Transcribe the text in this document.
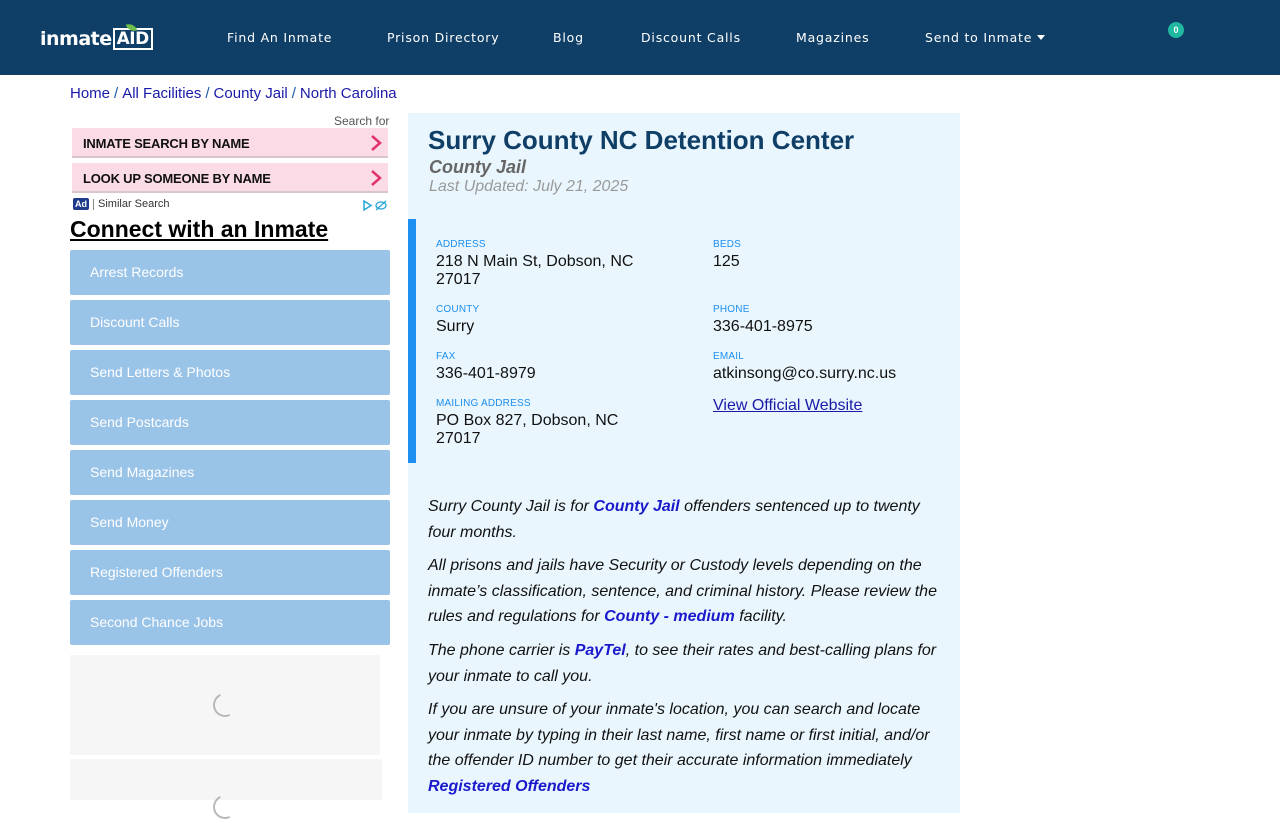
inmate AID	Find An Inmate	Prison Directory	Blog	Discount Calls	Magazines	Send to Inmate	0
Home / All Facilities / County Jail / North Carolina
Search for
INMATE SEARCH BY NAME
LOOK UP SOMEONE BY NAME
Ad Similar Search
Connect with an Inmate
Arrest Records
Discount Calls
Send Letters & Photos
Send Postcards
Send Magazines
Send Money
Registered Offenders
Second Chance Jobs
Surry County NC Detention Center
County Jail
Last Updated: July 21, 2025
ADDRESS
218 N Main St, Dobson, NC
27017
BEDS
125
COUNTY
Surry
PHONE
336-401-8975
FAX
336-401-8979
EMAIL
atkinsong@co.surry.nc.us
MAILING ADDRESS
PO Box 827, Dobson, NC
27017
View Official Website

Surry County Jail is for County Jail offenders sentenced up to twenty four months.

All prisons and jails have Security or Custody levels depending on the inmate’s classification, sentence, and criminal history. Please review the rules and regulations for County - medium facility.

The phone carrier is PayTel, to see their rates and best-calling plans for your inmate to call you.

If you are unsure of your inmate's location, you can search and locate your inmate by typing in their last name, first name or first initial, and/or the offender ID number to get their accurate information immediately Registered Offenders
